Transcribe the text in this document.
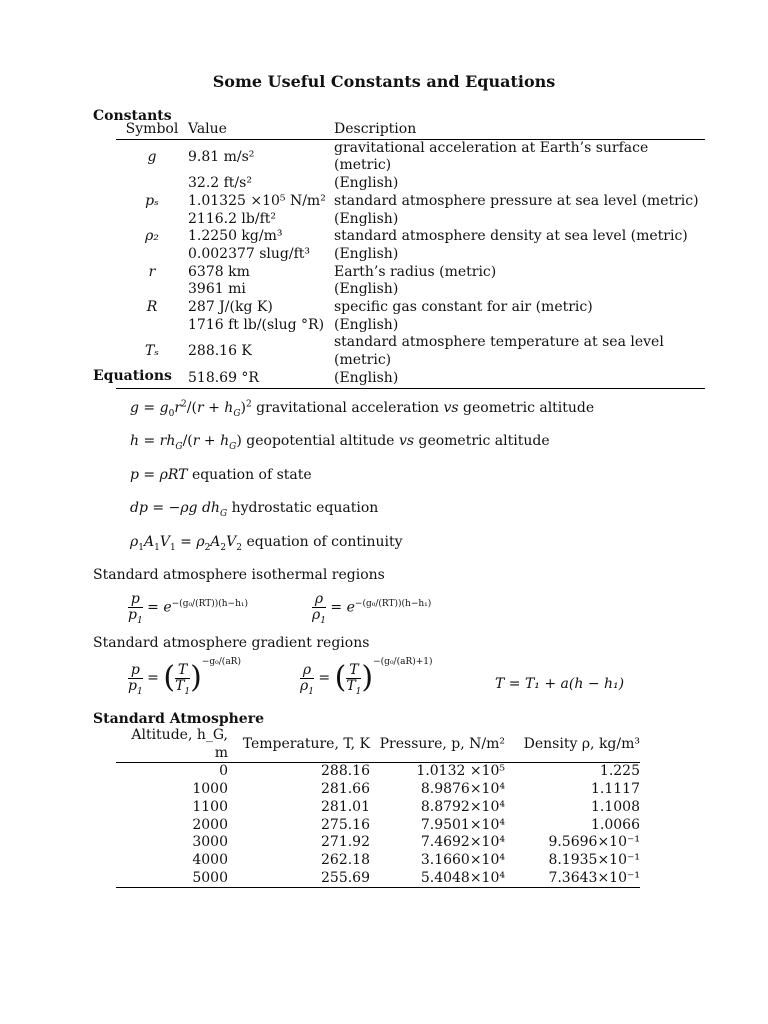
Some Useful Constants and Equations
Constants
Symbol	Value	Description
g	9.81 m/s²	gravitational acceleration at Earth’s surface (metric)
	32.2 ft/s²	(English)
pₛ	1.01325 ×10⁵ N/m²	standard atmosphere pressure at sea level (metric)
	2116.2 lb/ft²	(English)
ρ₂	1.2250 kg/m³	standard atmosphere density at sea level (metric)
	0.002377 slug/ft³	(English)
r	6378 km	Earth’s radius (metric)
	3961 mi	(English)
R	287 J/(kg K)	specific gas constant for air (metric)
	1716 ft lb/(slug °R)	(English)
Tₛ	288.16 K	standard atmosphere temperature at sea level (metric)
	518.69 °R	(English)
Equations
$g = g_0r^2/(r + h_G)^2$ gravitational acceleration vs geometric altitude
$h = rh_G/(r + h_G)$ geopotential altitude vs geometric altitude
p = ρRT equation of state
dp = −ρg $dh_G$ hydrostatic equation
$\rho_1A_1V_1 = \rho_2A_2V_2$ equation of continuity
Standard atmosphere isothermal regions
$\frac{p}{p_1} = e^{-(g_0/(RT))(h-h_1)}$	$\frac{\rho}{\rho_1} = e^{-(g_0/(RT))(h-h_1)}$
Standard atmosphere gradient regions
$\frac{p}{p_1}$ = ( $\frac{T}{T_1} )^{-g_0/(aR)}$
$\frac{\rho}{\rho_1}$ = ( $\frac{T}{T_1} )^{-(g_0/(aR)+1)}$
T = T₁ + a(h − h₁)
Standard Atmosphere
Altitude, h_G, m	Temperature, T, K	Pressure, p, N/m²	Density ρ, kg/m³
0	288.16	1.0132 ×10⁵	1.225
1000	281.66	8.9876×10⁴	1.1117
1100	281.01	8.8792×10⁴	1.1008
2000	275.16	7.9501×10⁴	1.0066
3000	271.92	7.4692×10⁴	9.5696×10⁻¹
4000	262.18	3.1660×10⁴	8.1935×10⁻¹
5000	255.69	5.4048×10⁴	7.3643×10⁻¹
